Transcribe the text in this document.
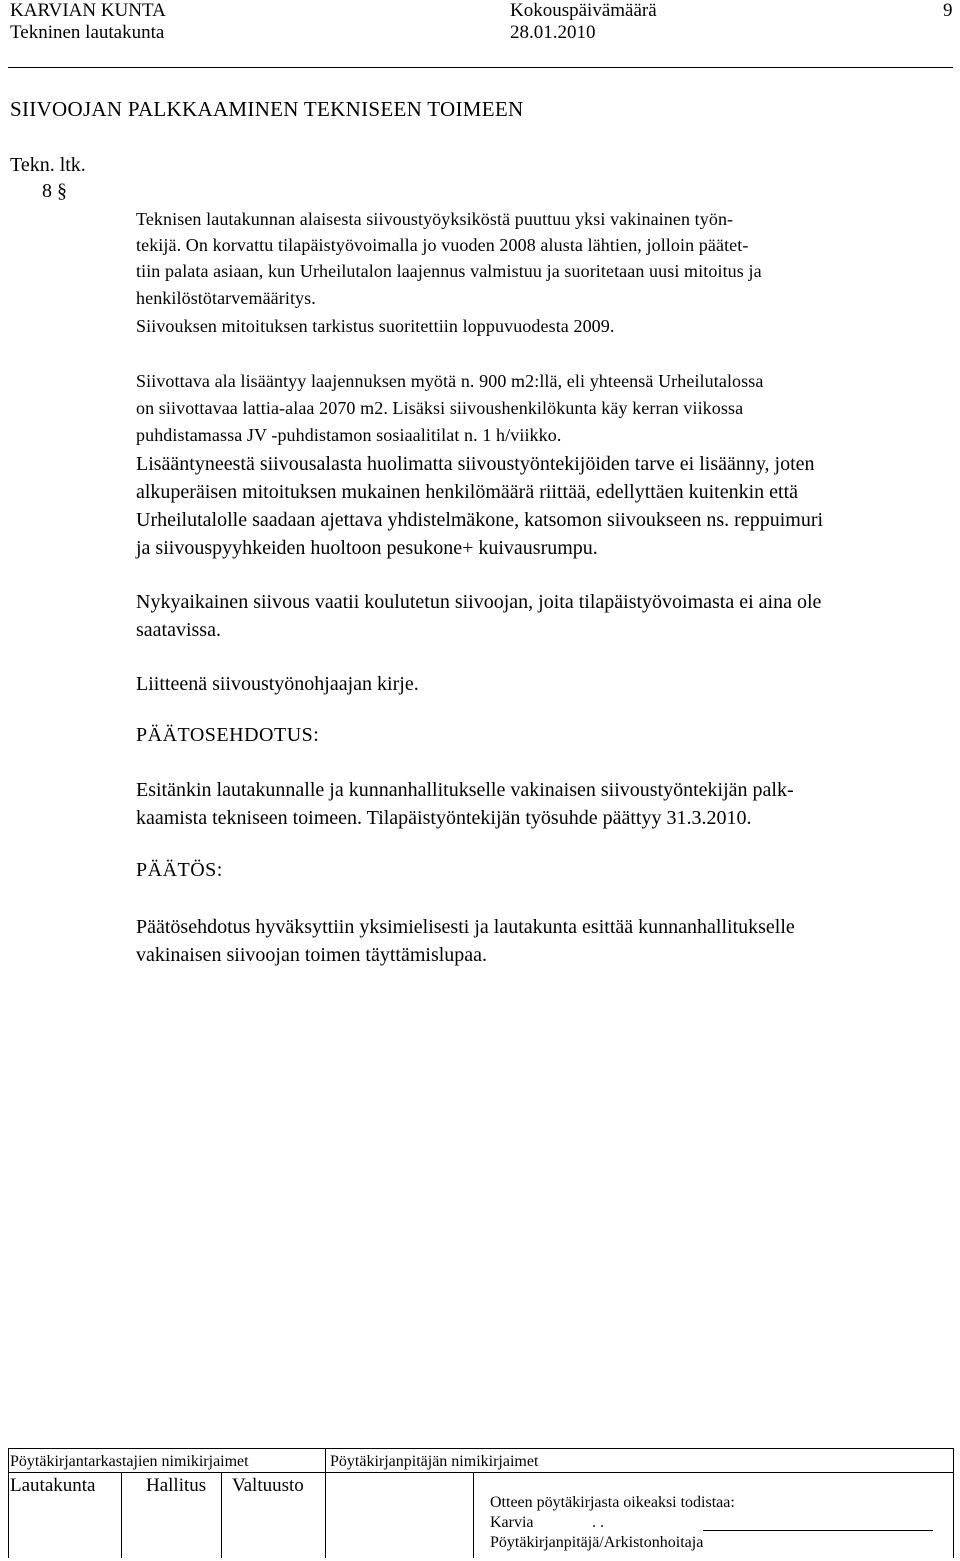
KARVIAN KUNTA
Tekninen lautakunta
Kokouspäivämäärä
28.01.2010
9
SIIVOOJAN PALKKAAMINEN TEKNISEEN TOIMEEN
Tekn. ltk.
8 §
Teknisen lautakunnan alaisesta siivoustyöyksiköstä puuttuu yksi vakinainen työn-
tekijä. On korvattu tilapäistyövoimalla jo vuoden 2008 alusta lähtien, jolloin päätet-
tiin palata asiaan, kun Urheilutalon laajennus valmistuu ja suoritetaan uusi mitoitus ja
henkilöstötarvemääritys.
Siivouksen mitoituksen tarkistus suoritettiin loppuvuodesta 2009.
Siivottava ala lisääntyy laajennuksen myötä n. 900 m2:llä, eli yhteensä Urheilutalossa
on siivottavaa lattia-alaa 2070 m2. Lisäksi siivoushenkilökunta käy kerran viikossa
puhdistamassa JV -puhdistamon sosiaalitilat n. 1 h/viikko.
Lisääntyneestä siivousalasta huolimatta siivoustyöntekijöiden tarve ei lisäänny, joten
alkuperäisen mitoituksen mukainen henkilömäärä riittää, edellyttäen kuitenkin että
Urheilutalolle saadaan ajettava yhdistelmäkone, katsomon siivoukseen ns. reppuimuri
ja siivouspyyhkeiden huoltoon pesukone+ kuivausrumpu.
Nykyaikainen siivous vaatii koulutetun siivoojan, joita tilapäistyövoimasta ei aina ole
saatavissa.
Liitteenä siivoustyönohjaajan kirje.
PÄÄTOSEHDOTUS:
Esitänkin lautakunnalle ja kunnanhallitukselle vakinaisen siivoustyöntekijän palk-
kaamista tekniseen toimeen. Tilapäistyöntekijän työsuhde päättyy 31.3.2010.
PÄÄTÖS:
Päätösehdotus hyväksyttiin yksimielisesti ja lautakunta esittää kunnanhallitukselle
vakinaisen siivoojan toimen täyttämislupaa.
Pöytäkirjantarkastajien nimikirjaimet	Pöytäkirjanpitäjän nimikirjaimet
Lautakunta	Hallitus Valtuusto
Otteen pöytäkirjasta oikeaksi todistaa:
Karvia	. .
Pöytäkirjanpitäjä/Arkistonhoitaja
